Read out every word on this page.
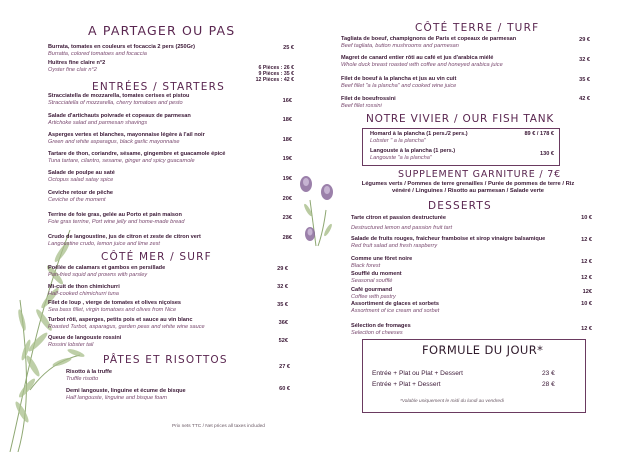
A PARTAGER OU PAS
Burrata, tomates en couleurs et focaccia 2 pers (250Gr)
Burratta, colored tomatoes and focaccia
25 €
Huitres fine claire n°2
Oyster fine clair n°2	6 Pièces : 26 €
9 Pièces : 35 €
12 Pièces : 42 €
ENTRÉES / STARTERS
Stracciatella de mozzarella, tomates cerises et pistou
Stracciatella of mozzarella, cherry tomatoes and pesto	16€
Salade d'artichauts poivrade et copeaux de parmesan
Artichoke salad and parmesan shavings	18€
Asperges vertes et blanches, mayonnaise légère à l'ail noir
Green and white asparagus, black garlic mayonnaise	18€
Tartare de thon, coriandre, sésame, gingembre et guacamole épicé
Tuna tartare, cilantro, sesame, ginger and spicy guacamole	19€
Salade de poulpe au saté
Octopus salad satay spice	19€
Ceviche retour de pêche
Ceviche of the moment	20€
Terrine de foie gras, gelée au Porto et pain maison
Foie gras terrine, Port wine jelly and home-made bread
23€
Crudo de langoustine, jus de citron et zeste de citron vert
Langoustine crudo, lemon juice and lime zest
28€
CÔTÉ MER / SURF
Poêlée de calamars et gambos en persillade
Pan-fried squid and prowns with parsley
29 €
Mi-cuit de thon chimichurri
Half-cooked chimichurri tuna
32 €
Filet de loup , vierge de tomates et olives niçoises
Sea bass fillet, virgin tomatoes and olives from Nice
35 €
Turbot rôti, asperges, petits pois et sauce au vin blanc
Roasted Turbot, asparagus, garden peas and white wine sauce
36€
Queue de langouste rossini
Rossini lobster tail
52€
PÂTES ET RISOTTOS
Risotto à la truffe
Truffle risotto
27 €
Demi langouste, linguine et écume de bisque
Half langouste, linguine and bisque foam
60 €
Prix nets TTC / Net prices all taxes included
CÔTÉ TERRE / TURF
Tagliata de boeuf, champignons de Paris et copeaux de parmesan
Beef tagliata, button mushrooms and parmesan
29 €
Magret de canard entier rôti au café et jus d'arabica miélé
Whole duck breast roasted with coffee and honeyed arabica juice
32 €
Filet de boeuf à la plancha et jus au vin cuit
Beef fillet "a la plancha" and cooked wine juice
35 €
Filet de boeufrossini
Beef fillet rossini
42 €
NOTRE VIVIER / OUR FISH TANK
Homard à la plancha (1 pers./2 pers.)
Lobster " a la plancha"
89 € / 178 €
Langouste à la plancha (1 pers.)
Langouste "a la plancha"
130 €
SUPPLEMENT GARNITURE / 7€
Légumes verts / Pommes de terre grenailles / Purée de pommes de terre / Riz vénéré / Linguines / Risotto au parmesan / Salade verte
DESSERTS
Tarte citron et passion destructurée
Destructured lemon and passion fruit tart
10 €
Salade de fruits rouges, fraicheur framboise et sirop vinaigre balsamique
Red fruit salad and fresh raspberry
12 €
Comme une fôret noire
Black forest
12 €
Soufflé du moment
Seasonal soufflé	12 €
Café gourmand
Coffee with pastry
12€
Assortiment de glaces et sorbets
Assortment of ice cream and sorbet
10 €
Sélection de fromages
Selection of cheeses
12 €
FORMULE DU JOUR*
Entrée + Plat ou Plat + Dessert	23 €
Entrée + Plat + Dessert	28 €
*Valable uniquement le midi du lundi au vendredi
